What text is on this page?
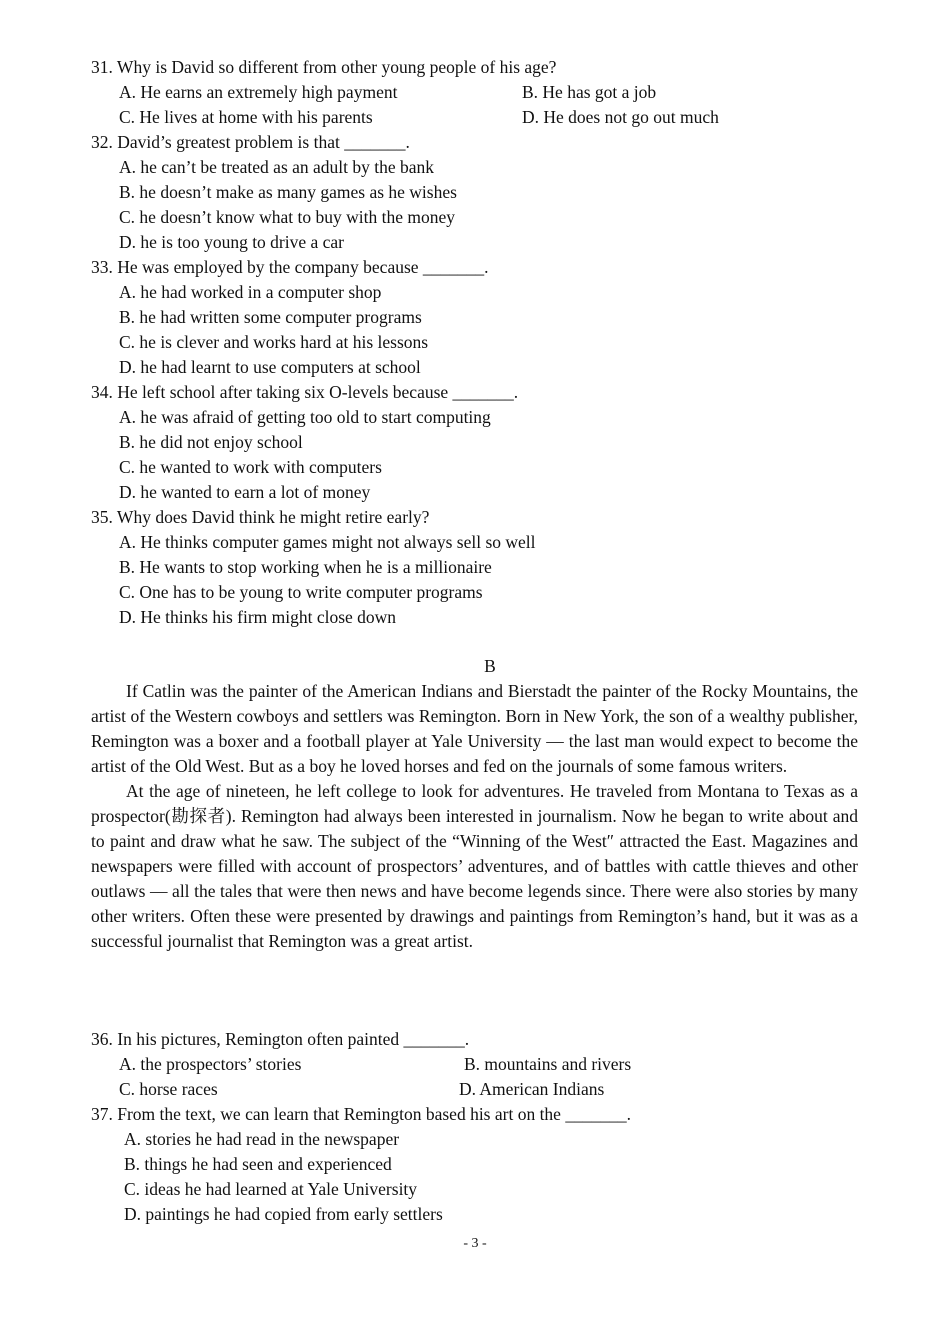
31. Why is David so different from other young people of his age?
A. He earns an extremely high payment	B. He has got a job
C. He lives at home with his parents	D. He does not go out much
32. David’s greatest problem is that _______.
A. he can’t be treated as an adult by the bank
B. he doesn’t make as many games as he wishes
C. he doesn’t know what to buy with the money
D. he is too young to drive a car
33. He was employed by the company because _______.
A. he had worked in a computer shop
B. he had written some computer programs
C. he is clever and works hard at his lessons
D. he had learnt to use computers at school
34. He left school after taking six O-levels because _______.
A. he was afraid of getting too old to start computing
B. he did not enjoy school
C. he wanted to work with computers
D. he wanted to earn a lot of money
35. Why does David think he might retire early?
A. He thinks computer games might not always sell so well
B. He wants to stop working when he is a millionaire
C. One has to be young to write computer programs
D. He thinks his firm might close down
B

If Catlin was the painter of the American Indians and Bierstadt the painter of the Rocky Mountains, the artist of the Western cowboys and settlers was Remington. Born in New York, the son of a wealthy publisher, Remington was a boxer and a football player at Yale University — the last man would expect to become the artist of the Old West. But as a boy he loved horses and fed on the journals of some famous writers.

At the age of nineteen, he left college to look for adventures. He traveled from Montana to Texas as a prospector(勘探者). Remington had always been interested in journalism. Now he began to write about and to paint and draw what he saw. The subject of the “Winning of the West″ attracted the East. Magazines and newspapers were filled with account of prospectors’ adventures, and of battles with cattle thieves and other outlaws — all the tales that were then news and have become legends since. There were also stories by many other writers. Often these were presented by drawings and paintings from Remington’s hand, but it was as a successful journalist that Remington was a great artist.

36. In his pictures, Remington often painted _______.
A. the prospectors’ stories	B. mountains and rivers
C. horse races	D. American Indians
37. From the text, we can learn that Remington based his art on the _______.
A. stories he had read in the newspaper
B. things he had seen and experienced
C. ideas he had learned at Yale University
D. paintings he had copied from early settlers
- 3 -
